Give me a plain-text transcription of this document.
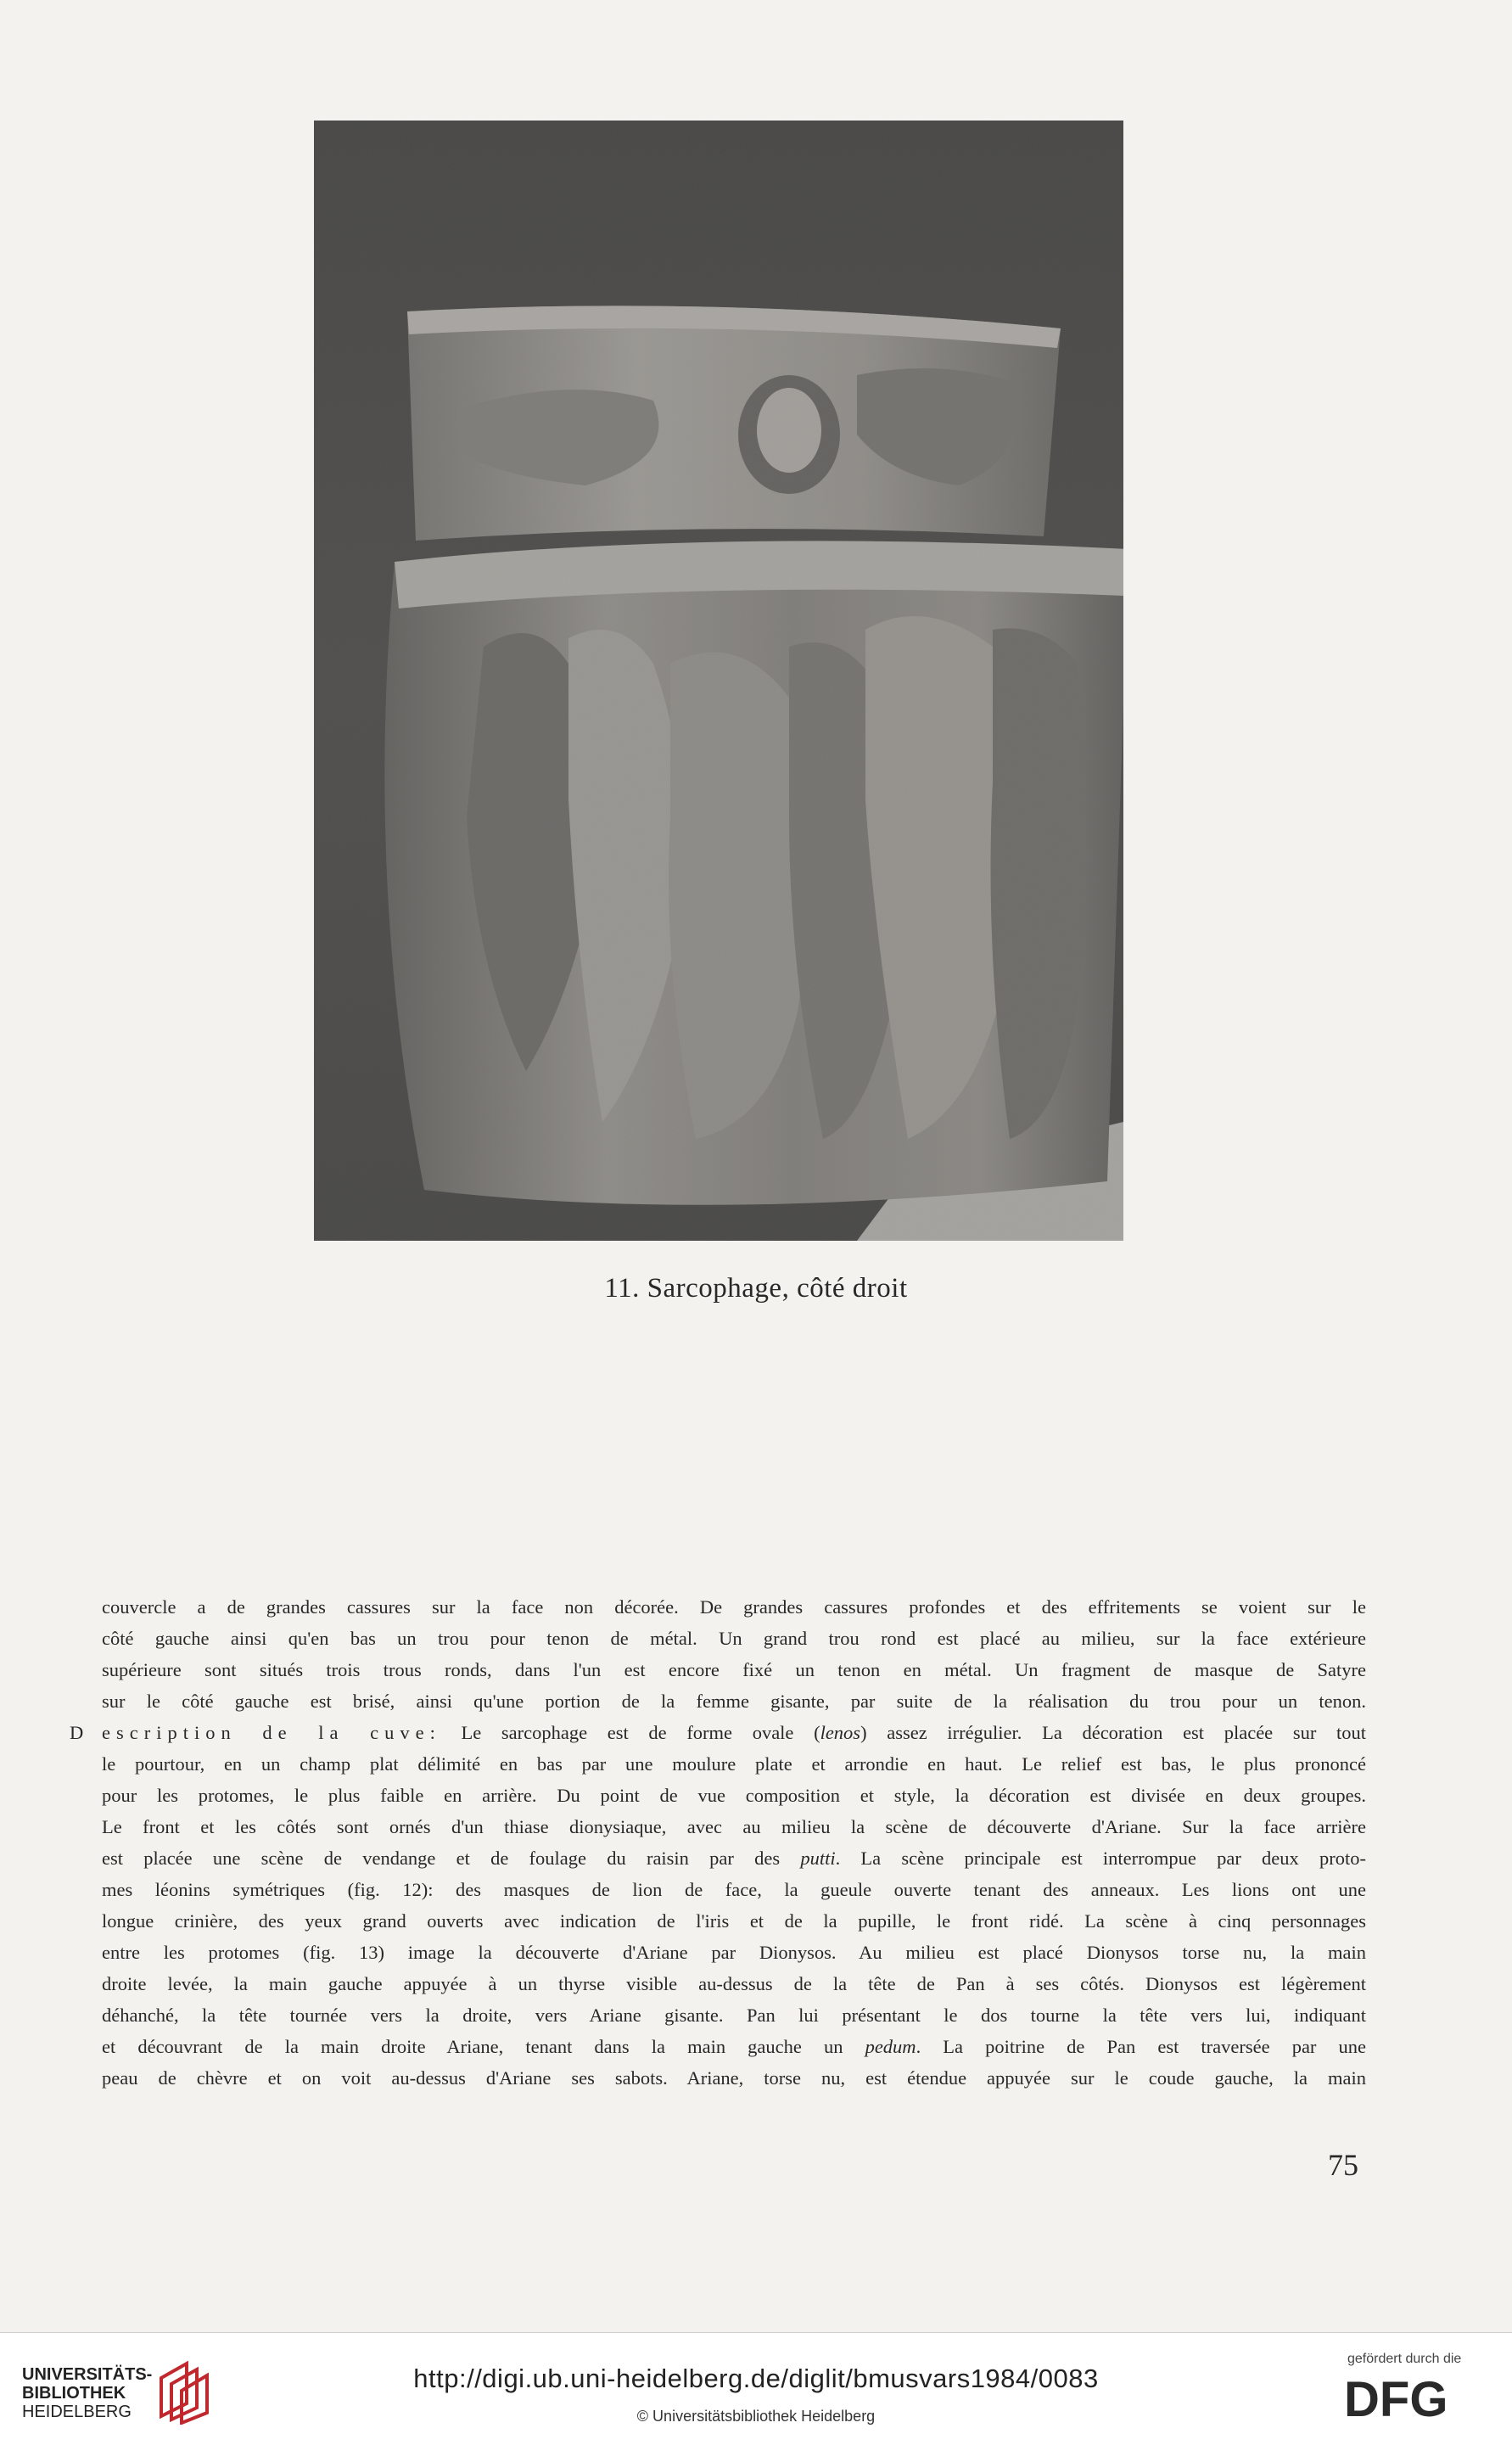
11. Sarcophage, côté droit
couvercle a de grandes cassures sur la face non décorée. De grandes cassures profondes et des effritements se voient sur le
côté gauche ainsi qu'en bas un trou pour tenon de métal. Un grand trou rond est placé au milieu, sur la face extérieure
supérieure sont situés trois trous ronds, dans l'un est encore fixé un tenon en métal. Un fragment de masque de Satyre
sur le côté gauche est brisé, ainsi qu'une portion de la femme gisante, par suite de la réalisation du trou pour un tenon.
D escription de la cuve: Le sarcophage est de forme ovale (lenos) assez irrégulier. La décoration est placée sur tout
le pourtour, en un champ plat délimité en bas par une moulure plate et arrondie en haut. Le relief est bas, le plus prononcé
pour les protomes, le plus faible en arrière. Du point de vue composition et style, la décoration est divisée en deux groupes.
Le front et les côtés sont ornés d'un thiase dionysiaque, avec au milieu la scène de découverte d'Ariane. Sur la face arrière
est placée une scène de vendange et de foulage du raisin par des putti. La scène principale est interrompue par deux proto-
mes léonins symétriques (fig. 12): des masques de lion de face, la gueule ouverte tenant des anneaux. Les lions ont une
longue crinière, des yeux grand ouverts avec indication de l'iris et de la pupille, le front ridé. La scène à cinq personnages
entre les protomes (fig. 13) image la découverte d'Ariane par Dionysos. Au milieu est placé Dionysos torse nu, la main
droite levée, la main gauche appuyée à un thyrse visible au-dessus de la tête de Pan à ses côtés. Dionysos est légèrement
déhanché, la tête tournée vers la droite, vers Ariane gisante. Pan lui présentant le dos tourne la tête vers lui, indiquant
et découvrant de la main droite Ariane, tenant dans la main gauche un pedum. La poitrine de Pan est traversée par une
peau de chèvre et on voit au-dessus d'Ariane ses sabots. Ariane, torse nu, est étendue appuyée sur le coude gauche, la main
75
UNIVERSITÄTS-
BIBLIOTHEK
HEIDELBERG
http://digi.ub.uni-heidelberg.de/diglit/bmusvars1984/0083
© Universitätsbibliothek Heidelberg
gefördert durch die
DFG
